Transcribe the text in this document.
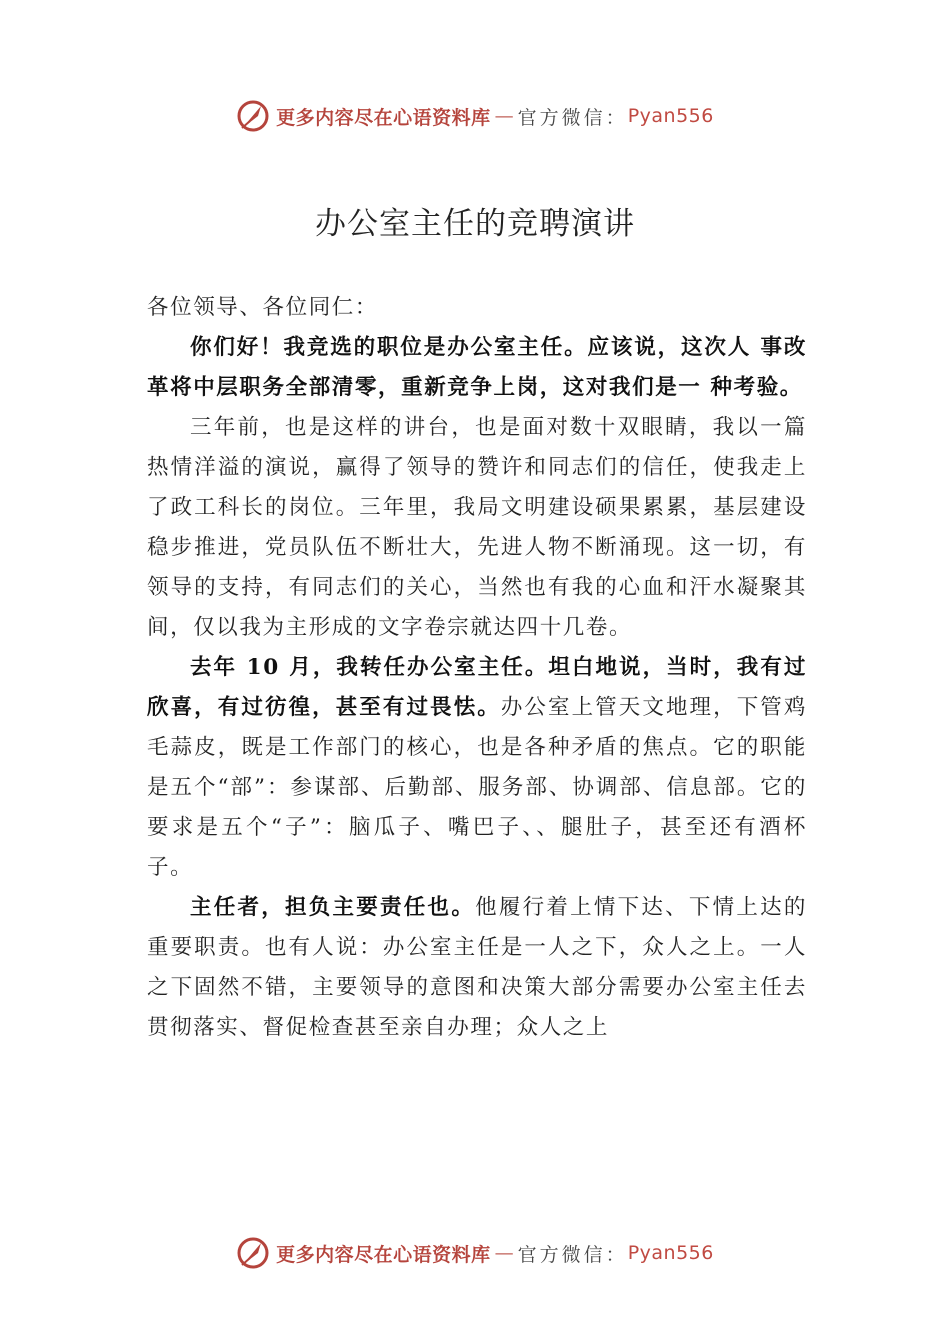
更多内容尽在心语资料库 — 官方微信： Pyan556
办公室主任的竞聘演讲

各位领导、各位同仁：

你们好！我竞选的职位是办公室主任。应该说，这次人 事改革将中层职务全部清零，重新竞争上岗，这对我们是一 种考验。

三年前，也是这样的讲台，也是面对数十双眼睛，我以一篇热情洋溢的演说，赢得了领导的赞许和同志们的信任，使我走上了政工科长的岗位。三年里，我局文明建设硕果累累，基层建设稳步推进，党员队伍不断壮大，先进人物不断涌现。这一切，有领导的支持，有同志们的关心，当然也有我的心血和汗水凝聚其间，仅以我为主形成的文字卷宗就达四十几卷。

去年 10 月，我转任办公室主任。坦白地说，当时，我有过欣喜，有过彷徨，甚至有过畏怯。办公室上管天文地理，下管鸡毛蒜皮，既是工作部门的核心，也是各种矛盾的焦点。它的职能是五个“部”：参谋部、后勤部、服务部、协调部、信息部。它的要求是五个“子”：脑瓜子、嘴巴子、、腿肚子，甚至还有酒杯子。

主任者，担负主要责任也。他履行着上情下达、下情上达的重要职责。也有人说：办公室主任是一人之下，众人之上。一人之下固然不错，主要领导的意图和决策大部分需要办公室主任去贯彻落实、督促检查甚至亲自办理；众人之上

更多内容尽在心语资料库 — 官方微信： Pyan556
